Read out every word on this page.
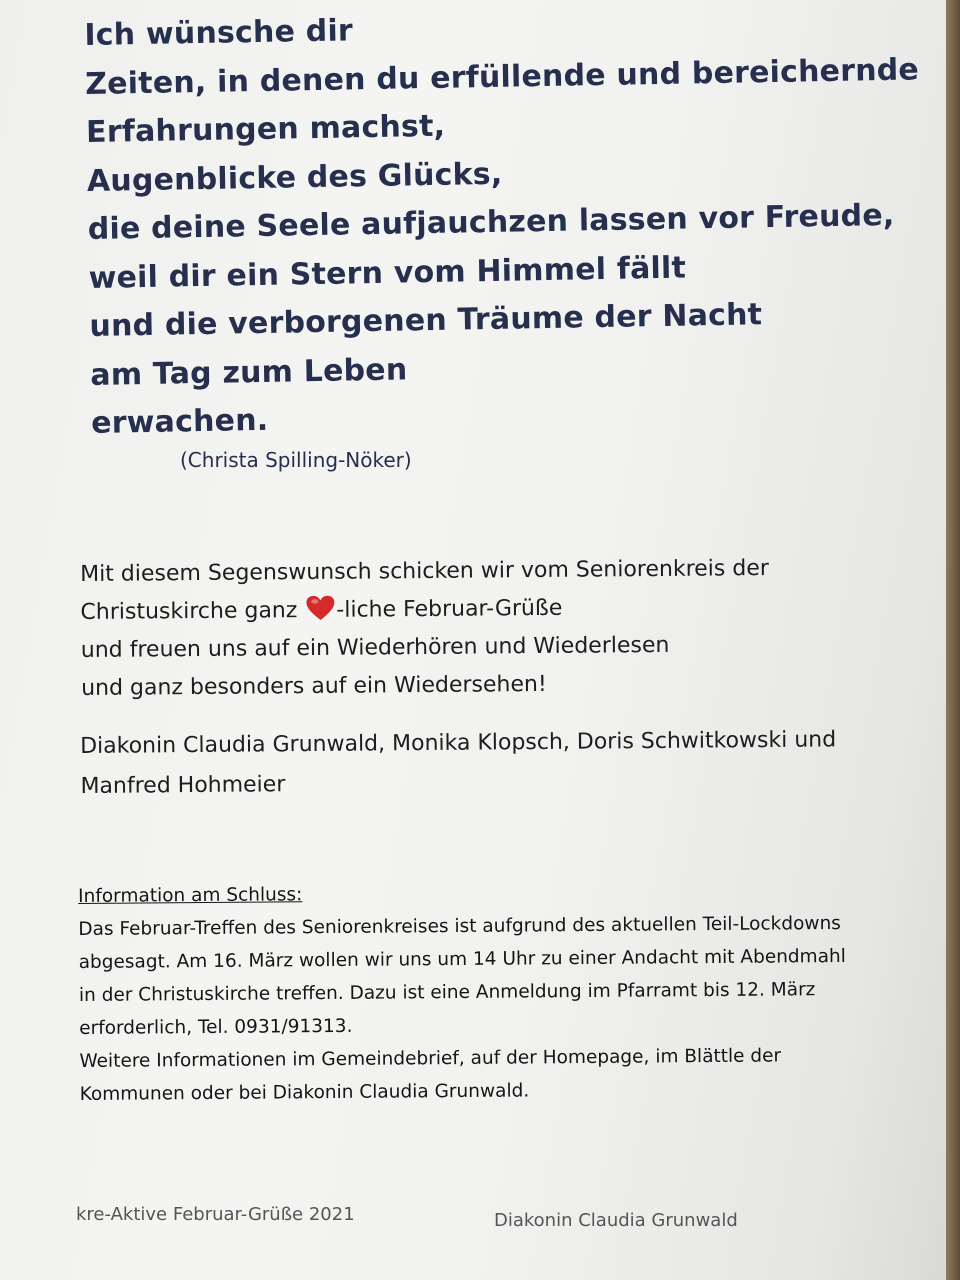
Ich wünsche dir
Zeiten, in denen du erfüllende und bereichernde
Erfahrungen machst,
Augenblicke des Glücks,
die deine Seele aufjauchzen lassen vor Freude,
weil dir ein Stern vom Himmel fällt
und die verborgenen Träume der Nacht
am Tag zum Leben
erwachen.
(Christa Spilling-Nöker)
Mit diesem Segenswunsch schicken wir vom Seniorenkreis der
Christuskirche ganz -liche Februar-Grüße
und freuen uns auf ein Wiederhören und Wiederlesen
und ganz besonders auf ein Wiedersehen!
Diakonin Claudia Grunwald, Monika Klopsch, Doris Schwitkowski und
Manfred Hohmeier
Information am Schluss:
Das Februar-Treffen des Seniorenkreises ist aufgrund des aktuellen Teil-Lockdowns
abgesagt. Am 16. März wollen wir uns um 14 Uhr zu einer Andacht mit Abendmahl
in der Christuskirche treffen. Dazu ist eine Anmeldung im Pfarramt bis 12. März
erforderlich, Tel. 0931/91313.
Weitere Informationen im Gemeindebrief, auf der Homepage, im Blättle der
Kommunen oder bei Diakonin Claudia Grunwald.
kre-Aktive Februar-Grüße 2021	Diakonin Claudia Grunwald
